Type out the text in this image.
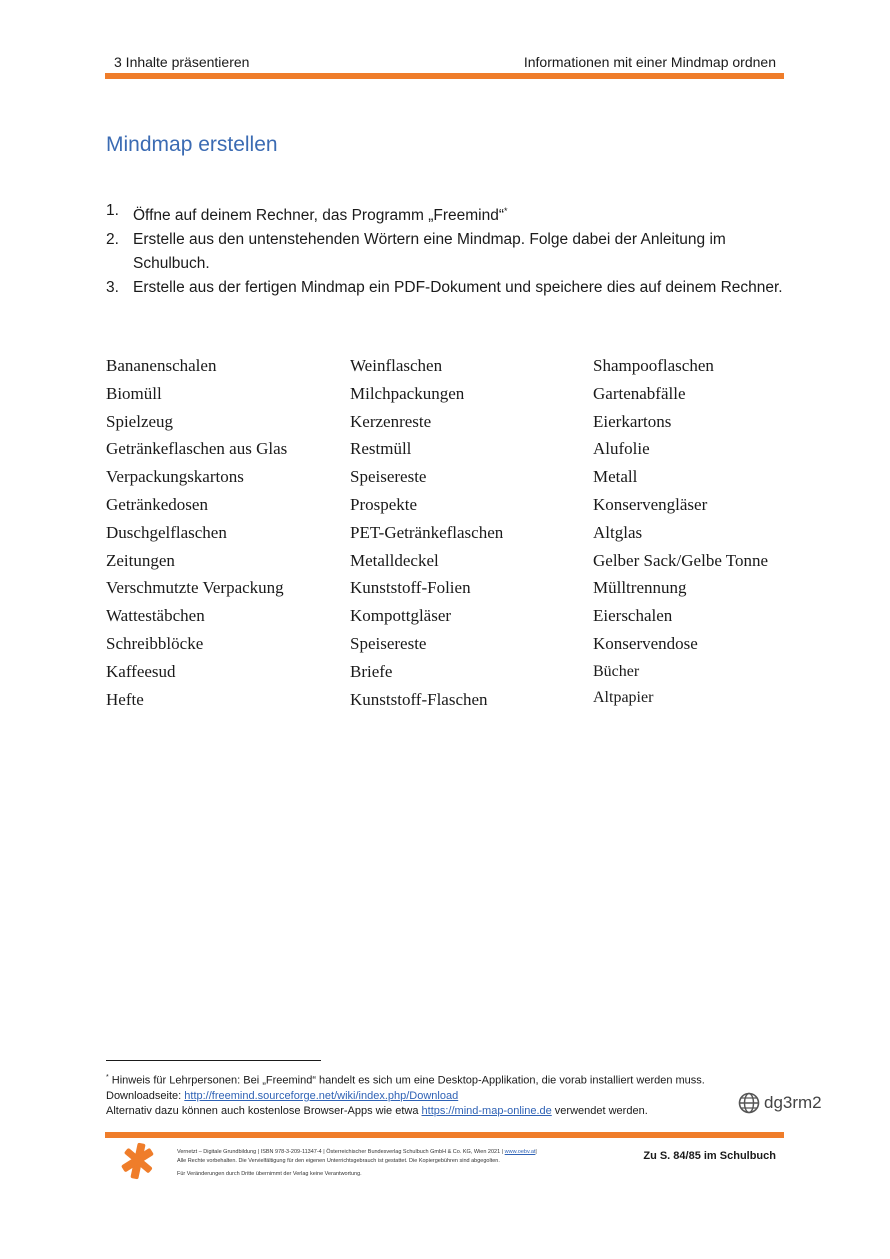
3 Inhalte präsentieren	Informationen mit einer Mindmap ordnen
Mindmap erstellen
1. Öffne auf deinem Rechner, das Programm „Freemind“*
2. Erstelle aus den untenstehenden Wörtern eine Mindmap. Folge dabei der Anleitung im Schulbuch.
3. Erstelle aus der fertigen Mindmap ein PDF-Dokument und speichere dies auf deinem Rechner.
Bananenschalen
Biomüll
Spielzeug
Getränkeflaschen aus Glas
Verpackungskartons
Getränkedosen
Duschgelflaschen
Zeitungen
Verschmutzte Verpackung
Wattestäbchen
Schreibblöcke
Kaffeesud
Hefte
Weinflaschen
Milchpackungen
Kerzenreste
Restmüll
Speisereste
Prospekte
PET-Getränkeflaschen
Metalldeckel
Kunststoff-Folien
Kompottgläser
Speisereste
Briefe
Kunststoff-Flaschen
Shampooflaschen
Gartenabfälle
Eierkartons
Alufolie
Metall
Konservengläser
Altglas
Gelber Sack/Gelbe Tonne
Mülltrennung
Eierschalen
Konservendose
Bücher
Altpapier
* Hinweis für Lehrpersonen: Bei „Freemind“ handelt es sich um eine Desktop-Applikation, die vorab installiert werden muss.
Downloadseite: http://freemind.sourceforge.net/wiki/index.php/Download
Alternativ dazu können auch kostenlose Browser-Apps wie etwa https://mind-map-online.de verwendet werden.	dg3rm2
Vernetzt – Digitale Grundbildung | ISBN 978-3-209-11347-4 | Österreichischer Bundesverlag Schulbuch GmbH & Co. KG, Wien 2021 | www.oebv.at|
Alle Rechte vorbehalten. Die Vervielfältigung für den eigenen Unterrichtsgebrauch ist gestattet. Die Kopiergebühren sind abgegolten.
Für Veränderungen durch Dritte übernimmt der Verlag keine Verantwortung.
Zu S. 84/85 im Schulbuch
